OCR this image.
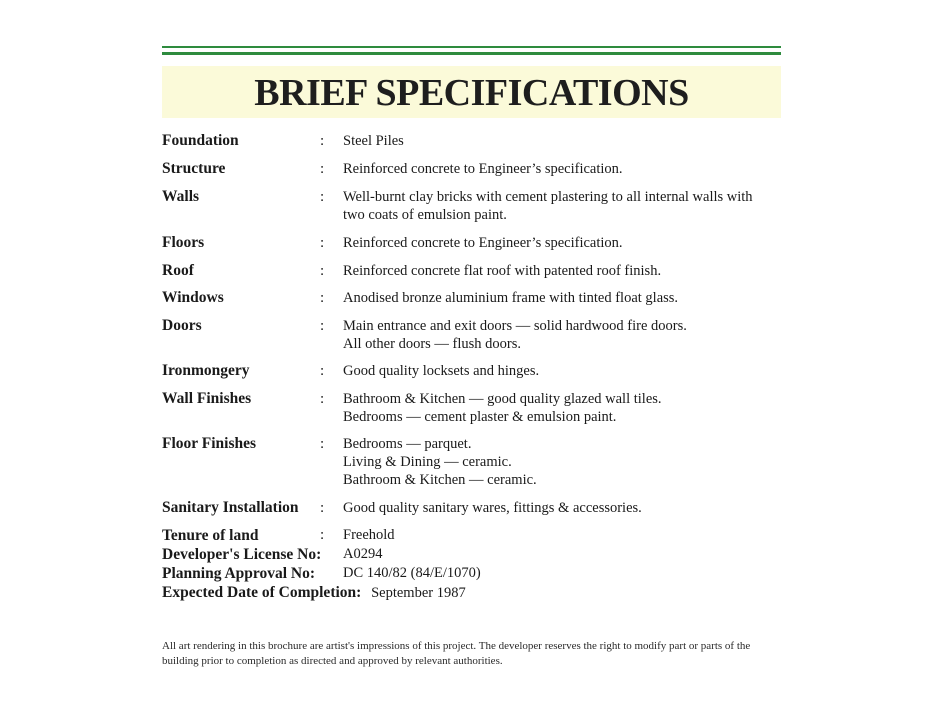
BRIEF SPECIFICATIONS
Foundation	: Steel Piles
Structure	: Reinforced concrete to Engineer’s specification.
Walls	: Well-burnt clay bricks with cement plastering to all internal walls with
two coats of emulsion paint.
Floors	: Reinforced concrete to Engineer’s specification.
Roof	: Reinforced concrete flat roof with patented roof finish.
Windows	: Anodised bronze aluminium frame with tinted float glass.
Doors	: Main entrance and exit doors — solid hardwood fire doors.
All other doors — flush doors.
Ironmongery	: Good quality locksets and hinges.
Wall Finishes	: Bathroom & Kitchen — good quality glazed wall tiles.
Bedrooms — cement plaster & emulsion paint.
Floor Finishes	: Bedrooms — parquet.
Living & Dining — ceramic.
Bathroom & Kitchen — ceramic.
Sanitary Installation : Good quality sanitary wares, fittings & accessories.
Tenure of land	: Freehold
Developer's License No: A0294
Planning Approval No: DC 140/82 (84/E/1070)
Expected Date of Completion: September 1987
All art rendering in this brochure are artist's impressions of this project. The developer reserves the right to modify part or parts of the building prior to completion as directed and approved by relevant authorities.
